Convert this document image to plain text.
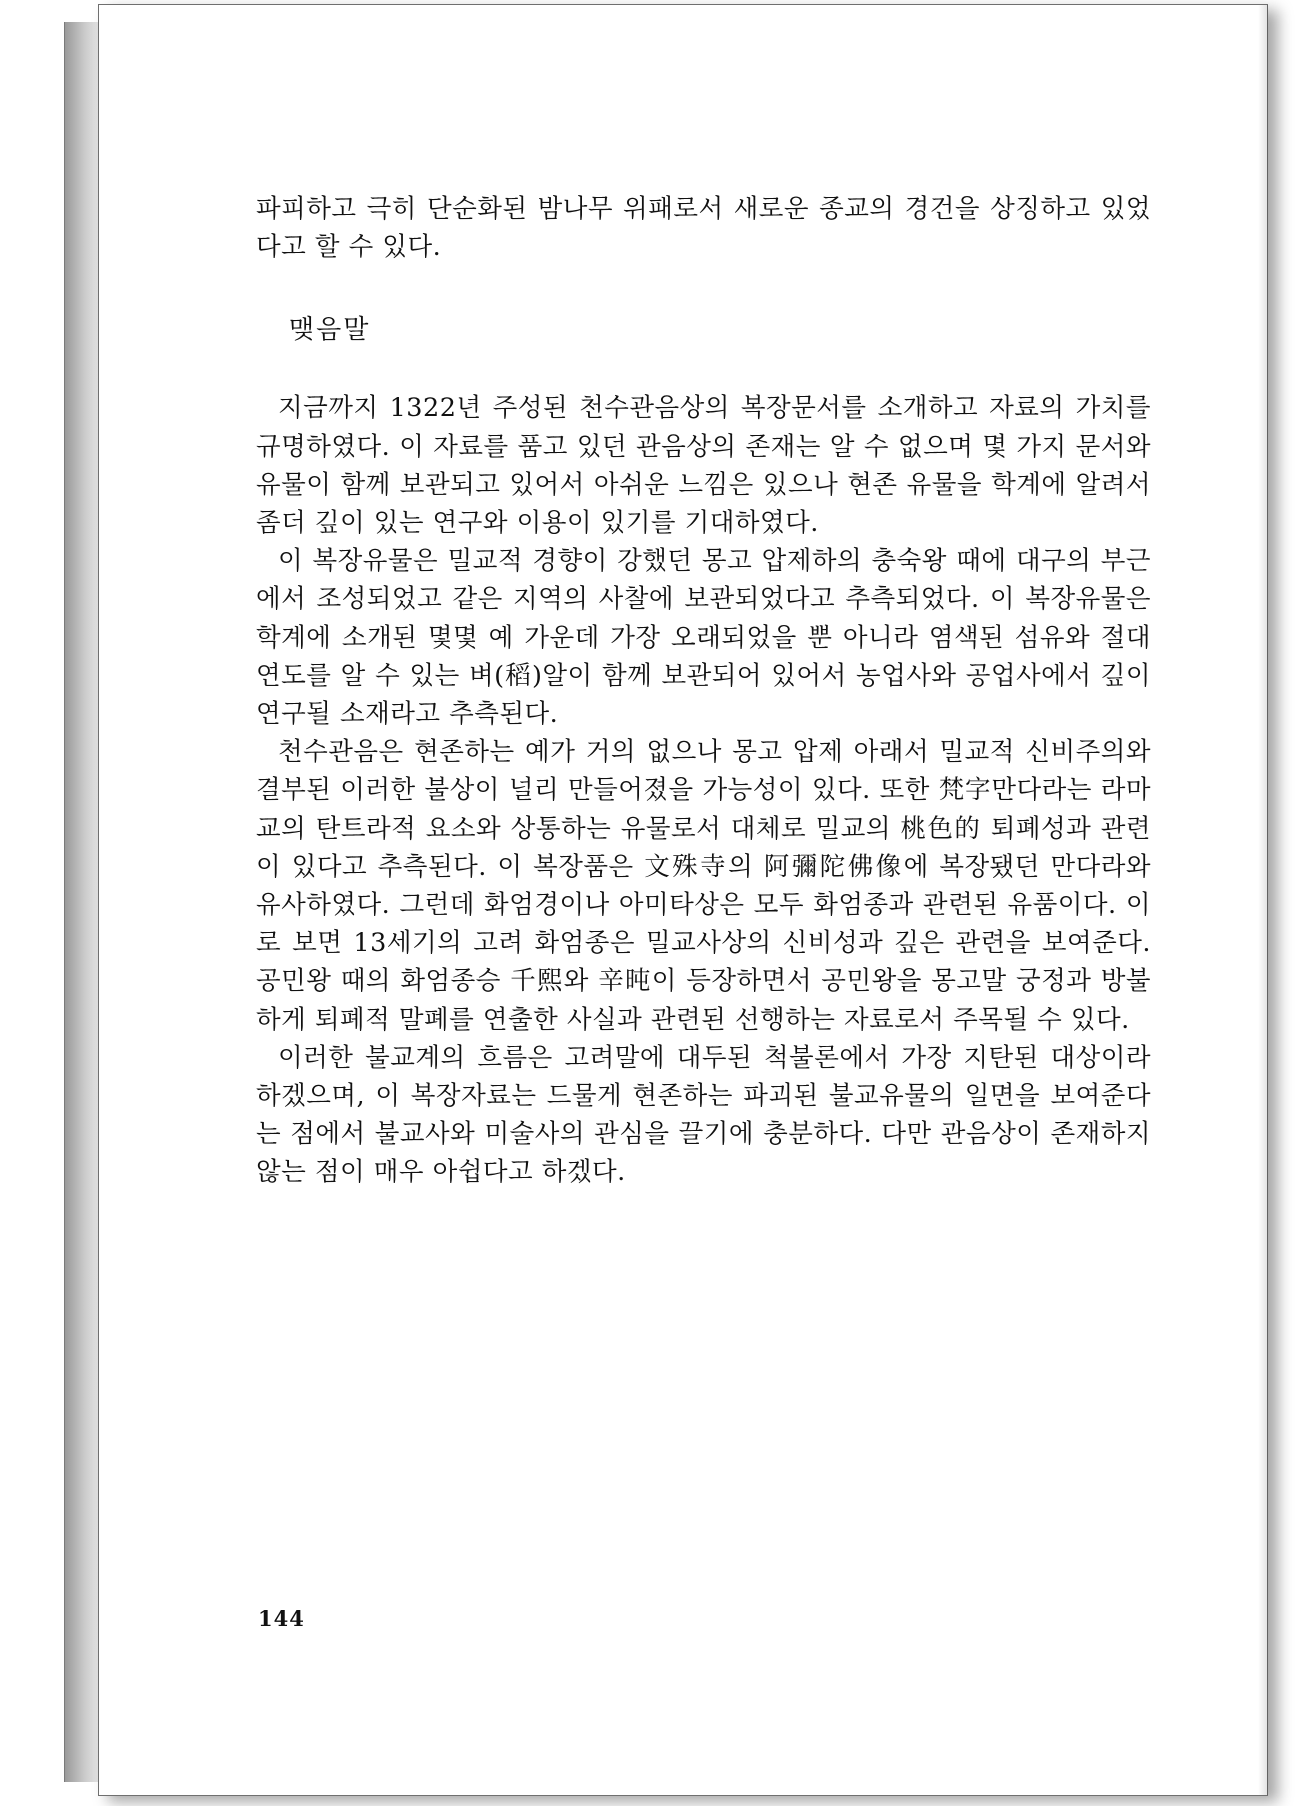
파피하고 극히 단순화된 밤나무 위패로서 새로운 종교의 경건을 상징하고 있었다고 할 수 있다.

맺음말

지금까지 1322년 주성된 천수관음상의 복장문서를 소개하고 자료의 가치를 규명하였다. 이 자료를 품고 있던 관음상의 존재는 알 수 없으며 몇 가지 문서와 유물이 함께 보관되고 있어서 아쉬운 느낌은 있으나 현존 유물을 학계에 알려서 좀더 깊이 있는 연구와 이용이 있기를 기대하였다.

이 복장유물은 밀교적 경향이 강했던 몽고 압제하의 충숙왕 때에 대구의 부근에서 조성되었고 같은 지역의 사찰에 보관되었다고 추측되었다. 이 복장유물은 학계에 소개된 몇몇 예 가운데 가장 오래되었을 뿐 아니라 염색된 섬유와 절대연도를 알 수 있는 벼(稻)알이 함께 보관되어 있어서 농업사와 공업사에서 깊이 연구될 소재라고 추측된다.

천수관음은 현존하는 예가 거의 없으나 몽고 압제 아래서 밀교적 신비주의와 결부된 이러한 불상이 널리 만들어졌을 가능성이 있다. 또한 梵字만다라는 라마교의 탄트라적 요소와 상통하는 유물로서 대체로 밀교의 桃色的 퇴폐성과 관련이 있다고 추측된다. 이 복장품은 文殊寺의 阿彌陀佛像에 복장됐던 만다라와 유사하였다. 그런데 화엄경이나 아미타상은 모두 화엄종과 관련된 유품이다. 이로 보면 13세기의 고려 화엄종은 밀교사상의 신비성과 깊은 관련을 보여준다. 공민왕 때의 화엄종승 千熙와 辛旽이 등장하면서 공민왕을 몽고말 궁정과 방불하게 퇴폐적 말폐를 연출한 사실과 관련된 선행하는 자료로서 주목될 수 있다.

이러한 불교계의 흐름은 고려말에 대두된 척불론에서 가장 지탄된 대상이라 하겠으며, 이 복장자료는 드물게 현존하는 파괴된 불교유물의 일면을 보여준다는 점에서 불교사와 미술사의 관심을 끌기에 충분하다. 다만 관음상이 존재하지 않는 점이 매우 아쉽다고 하겠다.

144
